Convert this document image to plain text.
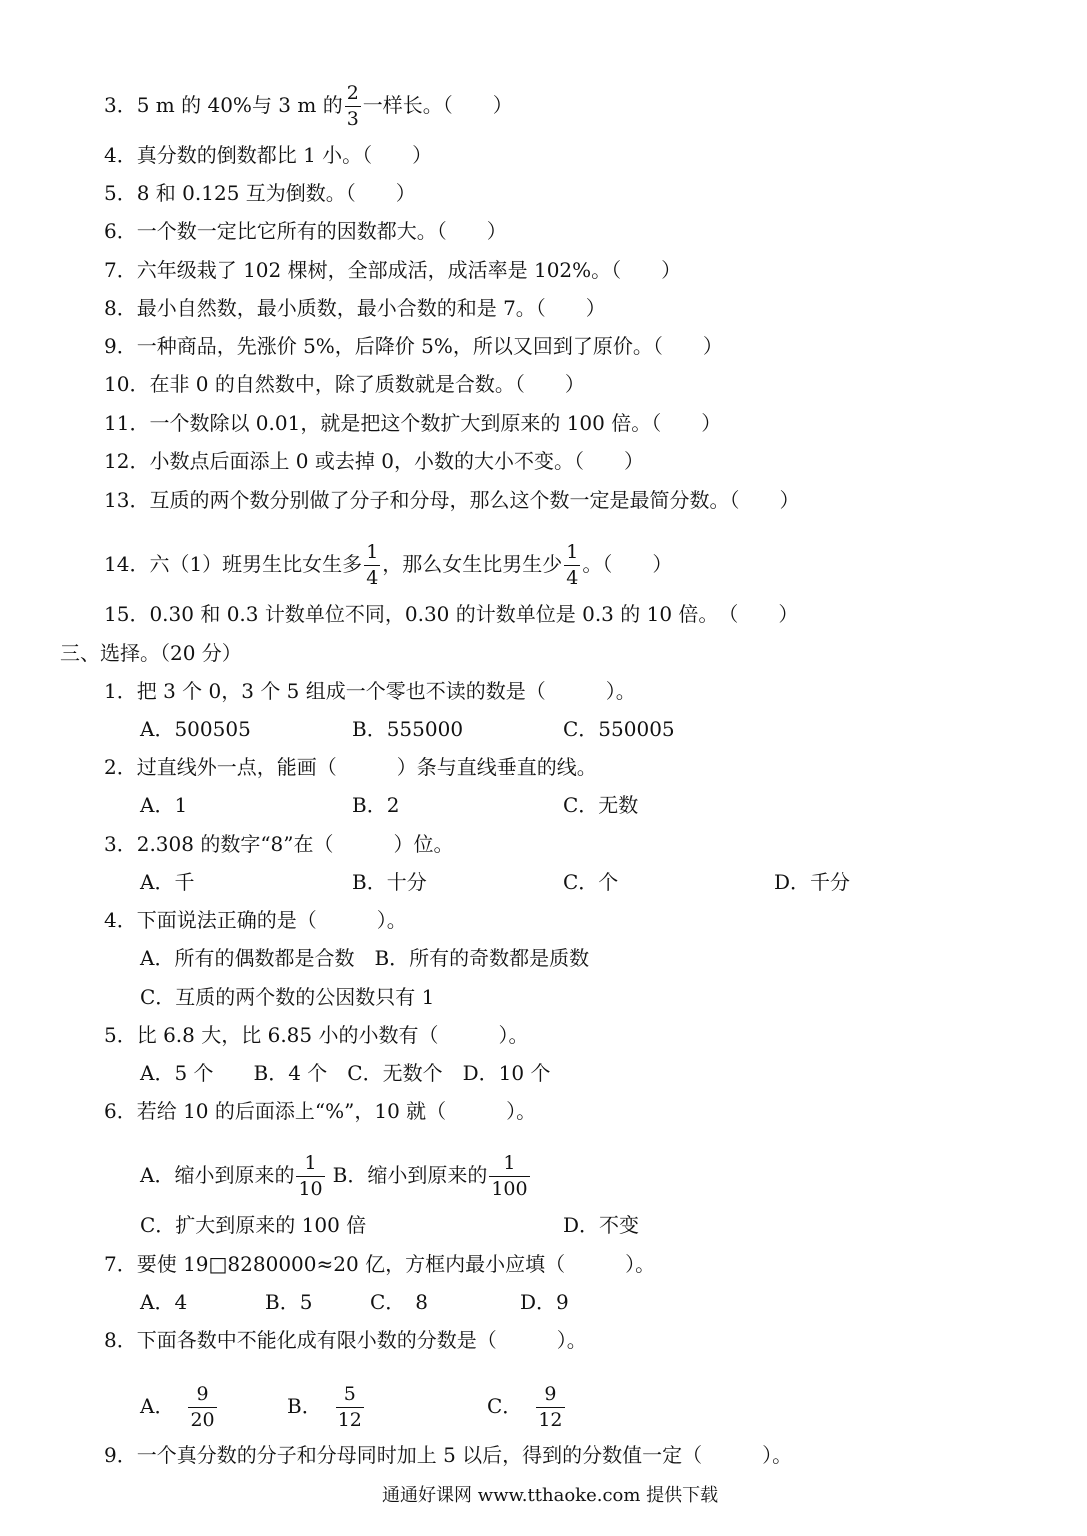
3．5 m 的 40%与 3 m 的 $\frac{2}{3}$ 一样长。（　　）
4．真分数的倒数都比 1 小。（　　）
5．8 和 0.125 互为倒数。（　　）
6．一个数一定比它所有的因数都大。（　　）
7．六年级栽了 102 棵树，全部成活，成活率是 102%。（　　）
8．最小自然数，最小质数，最小合数的和是 7。（　　）
9．一种商品，先涨价 5%，后降价 5%，所以又回到了原价。（　　）
10．在非 0 的自然数中，除了质数就是合数。（　　）
11．一个数除以 0.01，就是把这个数扩大到原来的 100 倍。（　　）
12．小数点后面添上 0 或去掉 0，小数的大小不变。（　　）
13．互质的两个数分别做了分子和分母，那么这个数一定是最简分数。（　　）
14．六（1）班男生比女生多 $\frac{1}{4}$ ，那么女生比男生少 $\frac{1}{4}$ 。（　　）
15．0.30 和 0.3 计数单位不同，0.30 的计数单位是 0.3 的 10 倍。　（　　）
三、选择。（20 分）
1．把 3 个 0，3 个 5 组成一个零也不读的数是（　　　）。
A．500505	B．555000	C．550005
2．过直线外一点，能画（　　　）条与直线垂直的线。
A．1	B．2	C．无数
3．2.308 的数字“8”在（　　　）位。
A．千	B．十分	C．个	D．千分
4．下面说法正确的是（　　　）。
A．所有的偶数都是合数　B．所有的奇数都是质数
C．互质的两个数的公因数只有 1
5．比 6.8 大，比 6.85 小的小数有（　　　）。
A．5 个　　B．4 个　C．无数个　D．10 个
6．若给 10 的后面添上“%”，10 就（　　　）。
A．缩小到原来的 $\frac{1}{10}$ B．缩小到原来的 $\frac{1}{100}$
C．扩大到原来的 100 倍	D．不变
7．要使 19□8280000≈20 亿，方框内最小应填（　　　）。
A．4	B．5	C．　8	D．9
8．下面各数中不能化成有限小数的分数是（　　　）。
A． $\frac{9}{20}$	B． $\frac{5}{12}$	C． $\frac{9}{12}$
9．一个真分数的分子和分母同时加上 5 以后，得到的分数值一定（　　　）。
通通好课网 www.tthaoke.com 提供下载
